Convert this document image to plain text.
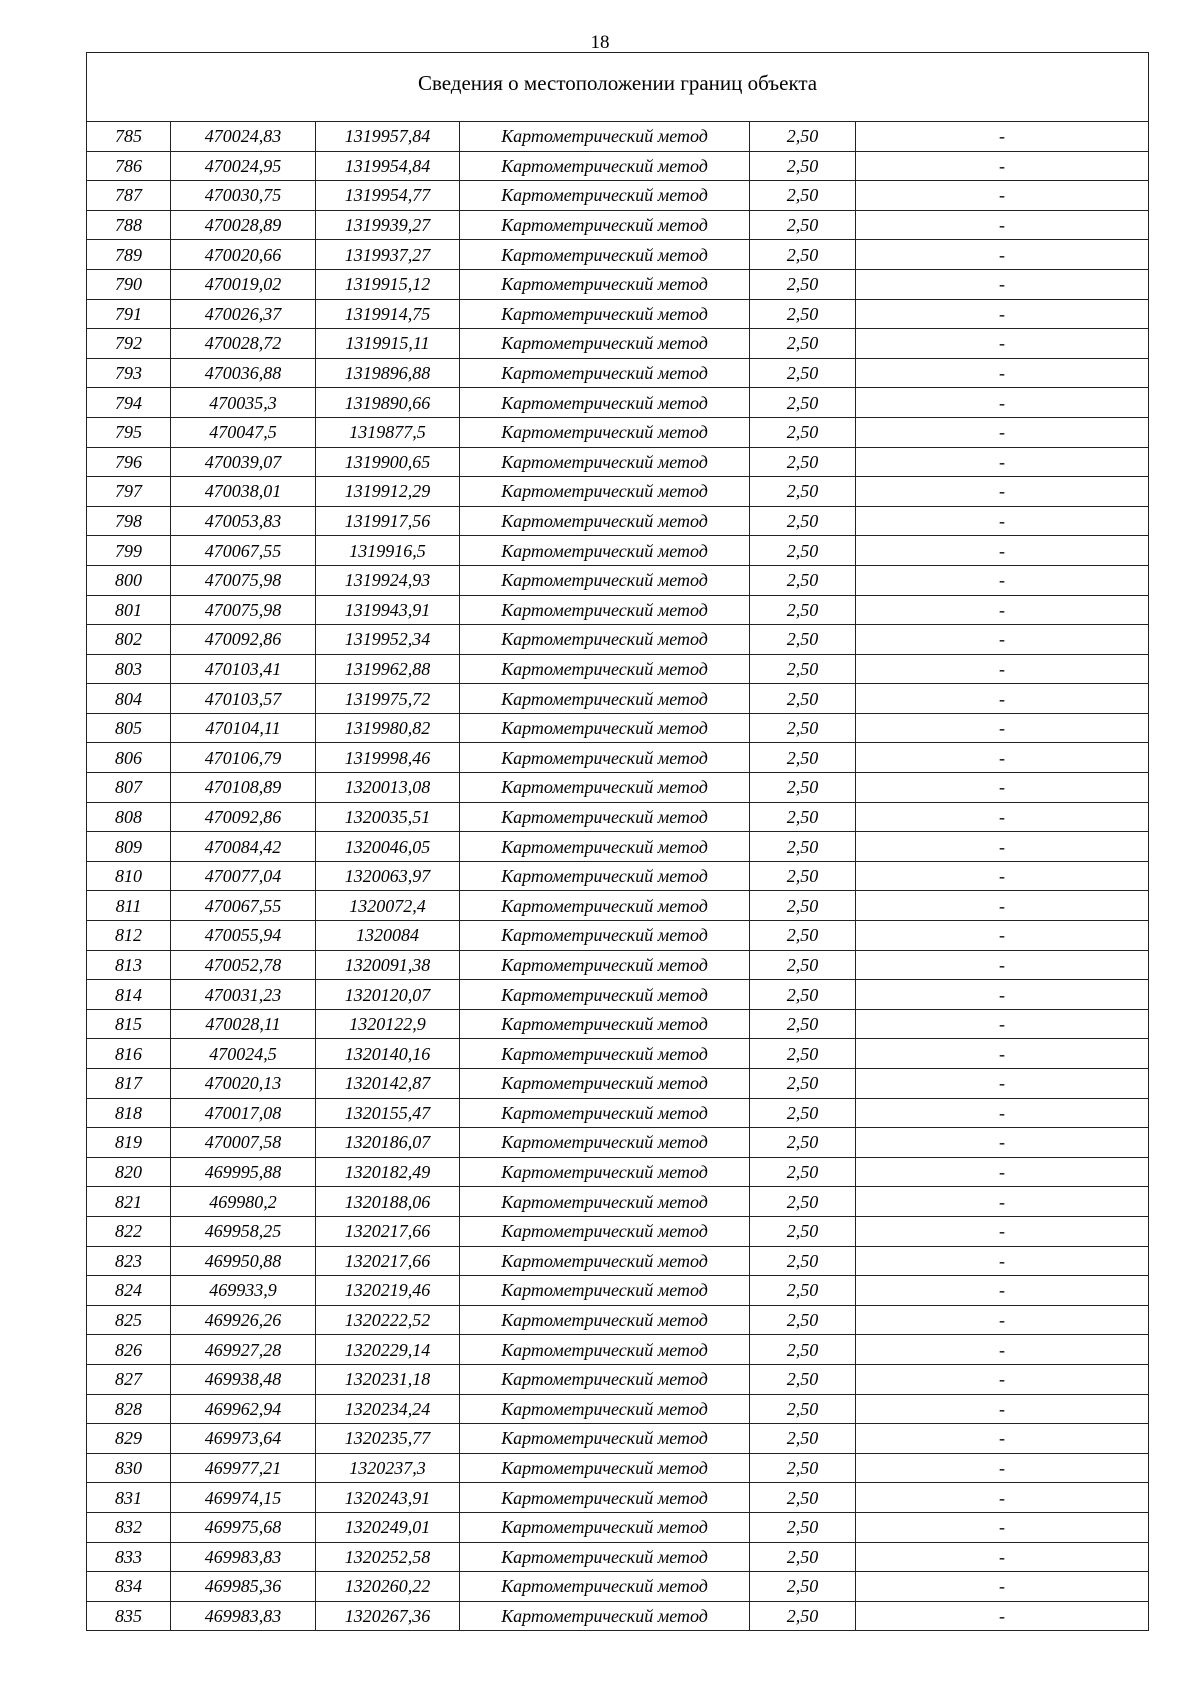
18
Сведения о местоположении границ объекта					
785	470024,83	1319957,84	Картометрический метод	2,50	-
786	470024,95	1319954,84	Картометрический метод	2,50	-
787	470030,75	1319954,77	Картометрический метод	2,50	-
788	470028,89	1319939,27	Картометрический метод	2,50	-
789	470020,66	1319937,27	Картометрический метод	2,50	-
790	470019,02	1319915,12	Картометрический метод	2,50	-
791	470026,37	1319914,75	Картометрический метод	2,50	-
792	470028,72	1319915,11	Картометрический метод	2,50	-
793	470036,88	1319896,88	Картометрический метод	2,50	-
794	470035,3	1319890,66	Картометрический метод	2,50	-
795	470047,5	1319877,5	Картометрический метод	2,50	-
796	470039,07	1319900,65	Картометрический метод	2,50	-
797	470038,01	1319912,29	Картометрический метод	2,50	-
798	470053,83	1319917,56	Картометрический метод	2,50	-
799	470067,55	1319916,5	Картометрический метод	2,50	-
800	470075,98	1319924,93	Картометрический метод	2,50	-
801	470075,98	1319943,91	Картометрический метод	2,50	-
802	470092,86	1319952,34	Картометрический метод	2,50	-
803	470103,41	1319962,88	Картометрический метод	2,50	-
804	470103,57	1319975,72	Картометрический метод	2,50	-
805	470104,11	1319980,82	Картометрический метод	2,50	-
806	470106,79	1319998,46	Картометрический метод	2,50	-
807	470108,89	1320013,08	Картометрический метод	2,50	-
808	470092,86	1320035,51	Картометрический метод	2,50	-
809	470084,42	1320046,05	Картометрический метод	2,50	-
810	470077,04	1320063,97	Картометрический метод	2,50	-
811	470067,55	1320072,4	Картометрический метод	2,50	-
812	470055,94	1320084	Картометрический метод	2,50	-
813	470052,78	1320091,38	Картометрический метод	2,50	-
814	470031,23	1320120,07	Картометрический метод	2,50	-
815	470028,11	1320122,9	Картометрический метод	2,50	-
816	470024,5	1320140,16	Картометрический метод	2,50	-
817	470020,13	1320142,87	Картометрический метод	2,50	-
818	470017,08	1320155,47	Картометрический метод	2,50	-
819	470007,58	1320186,07	Картометрический метод	2,50	-
820	469995,88	1320182,49	Картометрический метод	2,50	-
821	469980,2	1320188,06	Картометрический метод	2,50	-
822	469958,25	1320217,66	Картометрический метод	2,50	-
823	469950,88	1320217,66	Картометрический метод	2,50	-
824	469933,9	1320219,46	Картометрический метод	2,50	-
825	469926,26	1320222,52	Картометрический метод	2,50	-
826	469927,28	1320229,14	Картометрический метод	2,50	-
827	469938,48	1320231,18	Картометрический метод	2,50	-
828	469962,94	1320234,24	Картометрический метод	2,50	-
829	469973,64	1320235,77	Картометрический метод	2,50	-
830	469977,21	1320237,3	Картометрический метод	2,50	-
831	469974,15	1320243,91	Картометрический метод	2,50	-
832	469975,68	1320249,01	Картометрический метод	2,50	-
833	469983,83	1320252,58	Картометрический метод	2,50	-
834	469985,36	1320260,22	Картометрический метод	2,50	-
835	469983,83	1320267,36	Картометрический метод	2,50	-
